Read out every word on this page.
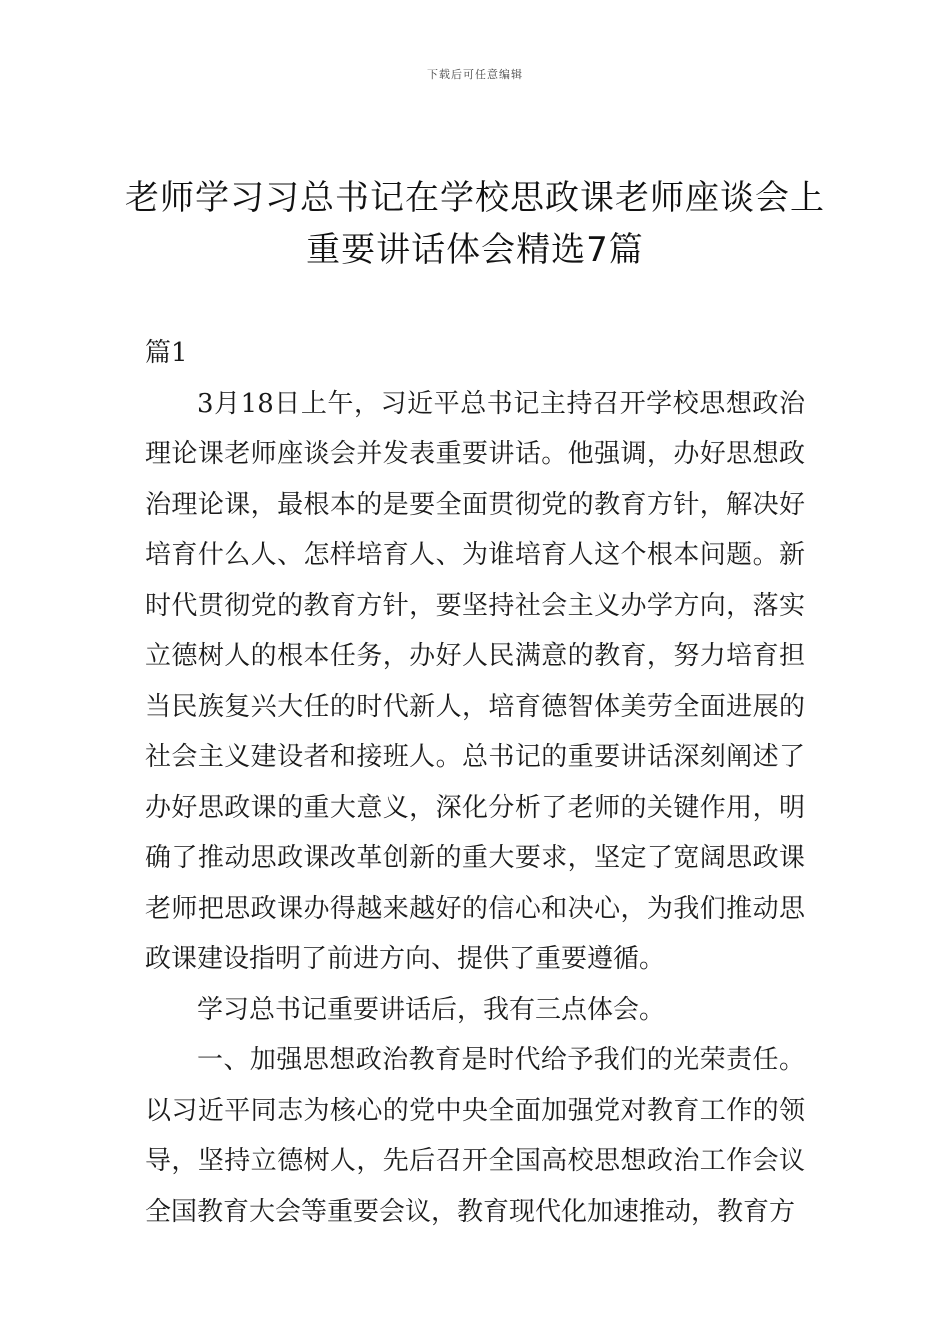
下载后可任意编辑
老师学习习总书记在学校思政课老师座谈会上重要讲话体会精选7篇

篇1

3月18日上午，习近平总书记主持召开学校思想政治理论课老师座谈会并发表重要讲话。他强调，办好思想政治理论课，最根本的是要全面贯彻党的教育方针，解决好培育什么人、怎样培育人、为谁培育人这个根本问题。新时代贯彻党的教育方针，要坚持社会主义办学方向，落实立德树人的根本任务，办好人民满意的教育，努力培育担当民族复兴大任的时代新人，培育德智体美劳全面进展的社会主义建设者和接班人。总书记的重要讲话深刻阐述了办好思政课的重大意义，深化分析了老师的关键作用，明确了推动思政课改革创新的重大要求，坚定了宽阔思政课老师把思政课办得越来越好的信心和决心，为我们推动思政课建设指明了前进方向、提供了重要遵循。

学习总书记重要讲话后，我有三点体会。

一、加强思想政治教育是时代给予我们的光荣责任。以习近平同志为核心的党中央全面加强党对教育工作的领导，坚持立德树人，先后召开全国高校思想政治工作会议全国教育大会等重要会议，教育现代化加速推动，教育方
